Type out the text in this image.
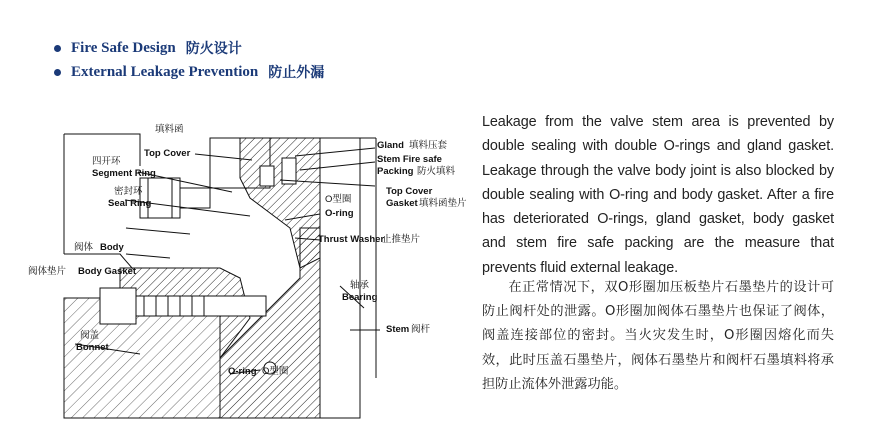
Fire Safe Design 防火设计
External Leakage Prevention 防止外漏
填料函
Gland 填料压套
Top Cover
Stem Fire safe
Packing 防火填料
四开环
Segment Ring
O型圈
Top Cover
Gasket 填料函垫片
O-ring
密封环
Seal Ring
Thrust Washer
止推垫片
阀体 Body
阀体垫片 Body Gasket
轴承
Bearing
阀盖
Bonnet
Stem 阀杆
O-ring O型圈
Leakage from the valve stem area is prevented by double sealing with double O-rings and gland gasket. Leakage through the valve body joint is also blocked by double sealing with O-ring and body gasket. After a fire has deteriorated O-rings, gland gasket, body gasket and stem fire safe packing are the measure that prevents fluid external leakage.
在正常情况下，双O形圈加压板垫片石墨垫片的设计可防止阀杆处的泄露。O形圈加阀体石墨垫片也保证了阀体，阀盖连接部位的密封。当火灾发生时，O形圈因熔化而失效，此时压盖石墨垫片，阀体石墨垫片和阀杆石墨填料将承担防止流体外泄露功能。
